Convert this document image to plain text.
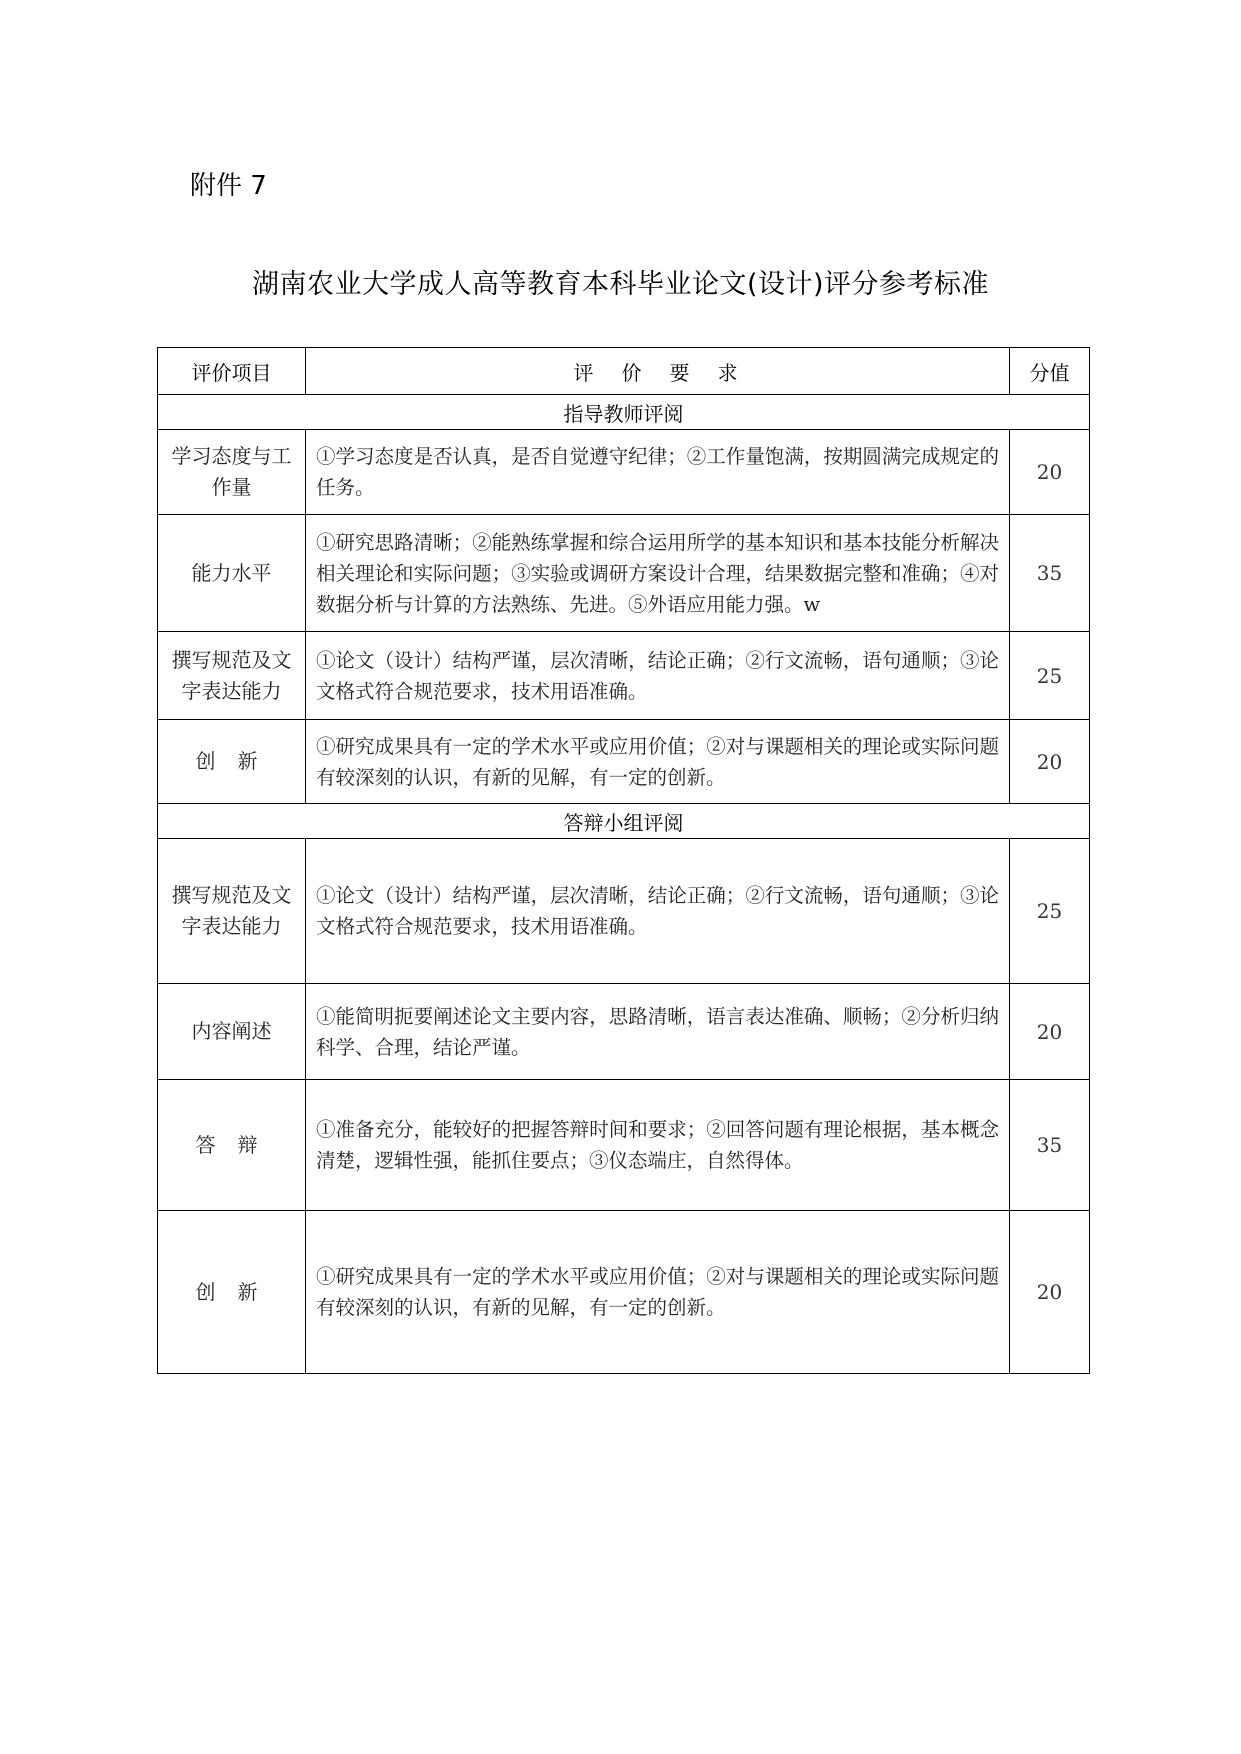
附件 7
湖南农业大学成人高等教育本科毕业论文(设计)评分参考标准
评价项目	评　价　要　求	分值
指导教师评阅		
学习态度与工作量	①学习态度是否认真，是否自觉遵守纪律；②工作量饱满，按期圆满完成规定的任务。	20
能力水平	①研究思路清晰；②能熟练掌握和综合运用所学的基本知识和基本技能分析解决相关理论和实际问题；③实验或调研方案设计合理，结果数据完整和准确；④对数据分析与计算的方法熟练、先进。⑤外语应用能力强。w	35
撰写规范及文字表达能力	①论文（设计）结构严谨，层次清晰，结论正确；②行文流畅，语句通顺；③论文格式符合规范要求，技术用语准确。	25
创新	①研究成果具有一定的学术水平或应用价值；②对与课题相关的理论或实际问题有较深刻的认识，有新的见解，有一定的创新。	20
答辩小组评阅		
撰写规范及文字表达能力	①论文（设计）结构严谨，层次清晰，结论正确；②行文流畅，语句通顺；③论文格式符合规范要求，技术用语准确。	25
内容阐述	①能简明扼要阐述论文主要内容，思路清晰，语言表达准确、顺畅；②分析归纳科学、合理，结论严谨。	20
答辩	①准备充分，能较好的把握答辩时间和要求；②回答问题有理论根据，基本概念清楚，逻辑性强，能抓住要点；③仪态端庄，自然得体。	35
创新	①研究成果具有一定的学术水平或应用价值；②对与课题相关的理论或实际问题有较深刻的认识，有新的见解，有一定的创新。	20
